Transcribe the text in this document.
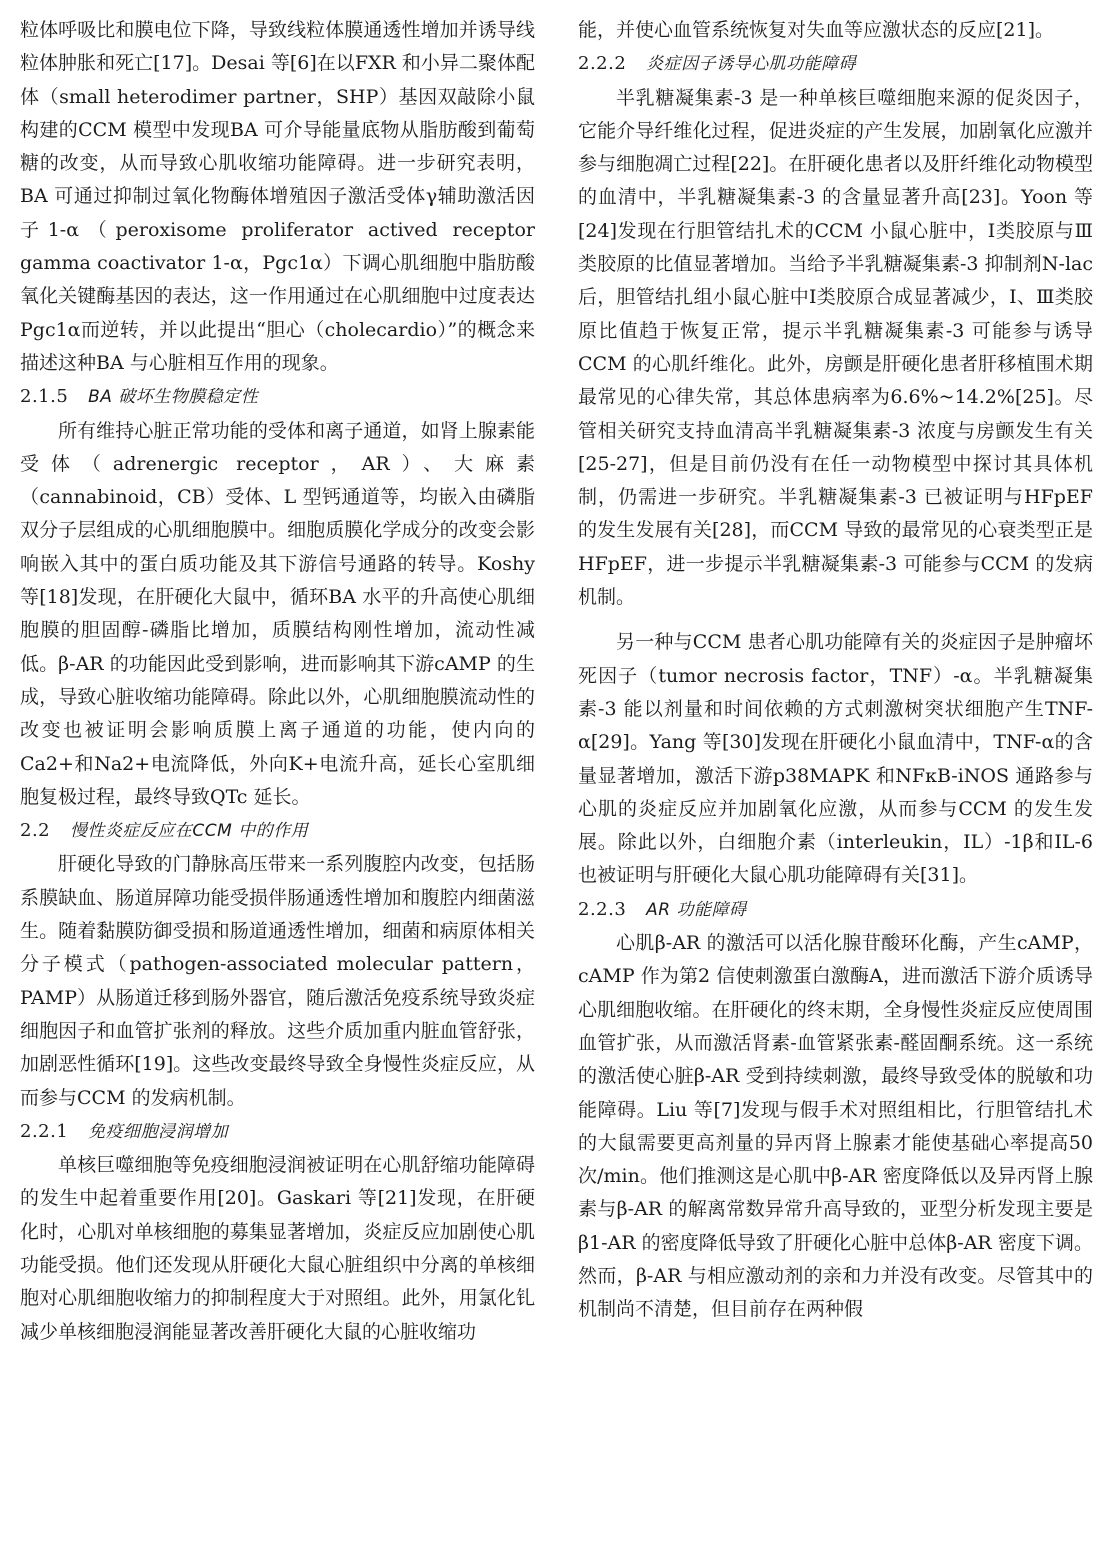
粒体呼吸比和膜电位下降，导致线粒体膜通透性增加并诱导线粒体肿胀和死亡[17]。Desai 等[6]在以FXR 和小异二聚体配体（small heterodimer partner，SHP）基因双敲除小鼠构建的CCM 模型中发现BA 可介导能量底物从脂肪酸到葡萄糖的改变，从而导致心肌收缩功能障碍。进一步研究表明，BA 可通过抑制过氧化物酶体增殖因子激活受体γ辅助激活因子1-α（peroxisome proliferator actived receptor gamma coactivator 1-α，Pgc1α）下调心肌细胞中脂肪酸氧化关键酶基因的表达，这一作用通过在心肌细胞中过度表达Pgc1α而逆转，并以此提出“胆心（cholecardio）”的概念来描述这种BA 与心脏相互作用的现象。

2.1.5 BA 破坏生物膜稳定性

所有维持心脏正常功能的受体和离子通道，如肾上腺素能受体（adrenergic receptor，AR）、大麻素（cannabinoid，CB）受体、L 型钙通道等，均嵌入由磷脂双分子层组成的心肌细胞膜中。细胞质膜化学成分的改变会影响嵌入其中的蛋白质功能及其下游信号通路的转导。Koshy 等[18]发现，在肝硬化大鼠中，循环BA 水平的升高使心肌细胞膜的胆固醇-磷脂比增加，质膜结构刚性增加，流动性减低。β-AR 的功能因此受到影响，进而影响其下游cAMP 的生成，导致心脏收缩功能障碍。除此以外，心肌细胞膜流动性的改变也被证明会影响质膜上离子通道的功能，使内向的Ca2+和Na2+电流降低，外向K+电流升高，延长心室肌细胞复极过程，最终导致QTc 延长。

2.2 慢性炎症反应在CCM 中的作用

肝硬化导致的门静脉高压带来一系列腹腔内改变，包括肠系膜缺血、肠道屏障功能受损伴肠通透性增加和腹腔内细菌滋生。随着黏膜防御受损和肠道通透性增加，细菌和病原体相关分子模式（pathogen-associated molecular pattern，PAMP）从肠道迁移到肠外器官，随后激活免疫系统导致炎症细胞因子和血管扩张剂的释放。这些介质加重内脏血管舒张，加剧恶性循环[19]。这些改变最终导致全身慢性炎症反应，从而参与CCM 的发病机制。

2.2.1 免疫细胞浸润增加

单核巨噬细胞等免疫细胞浸润被证明在心肌舒缩功能障碍的发生中起着重要作用[20]。Gaskari 等[21]发现，在肝硬化时，心肌对单核细胞的募集显著增加，炎症反应加剧使心肌功能受损。他们还发现从肝硬化大鼠心脏组织中分离的单核细胞对心肌细胞收缩力的抑制程度大于对照组。此外，用氯化钆减少单核细胞浸润能显著改善肝硬化大鼠的心脏收缩功

能，并使心血管系统恢复对失血等应激状态的反应[21]。

2.2.2 炎症因子诱导心肌功能障碍

半乳糖凝集素-3 是一种单核巨噬细胞来源的促炎因子，它能介导纤维化过程，促进炎症的产生发展，加剧氧化应激并参与细胞凋亡过程[22]。在肝硬化患者以及肝纤维化动物模型的血清中，半乳糖凝集素-3 的含量显著升高[23]。Yoon 等[24]发现在行胆管结扎术的CCM 小鼠心脏中，Ⅰ类胶原与Ⅲ类胶原的比值显著增加。当给予半乳糖凝集素-3 抑制剂N-lac 后，胆管结扎组小鼠心脏中Ⅰ类胶原合成显著减少，Ⅰ、Ⅲ类胶原比值趋于恢复正常，提示半乳糖凝集素-3 可能参与诱导CCM 的心肌纤维化。此外，房颤是肝硬化患者肝移植围术期最常见的心律失常，其总体患病率为6.6%~14.2%[25]。尽管相关研究支持血清高半乳糖凝集素-3 浓度与房颤发生有关[25-27]，但是目前仍没有在任一动物模型中探讨其具体机制，仍需进一步研究。半乳糖凝集素-3 已被证明与HFpEF 的发生发展有关[28]，而CCM 导致的最常见的心衰类型正是HFpEF，进一步提示半乳糖凝集素-3 可能参与CCM 的发病机制。

另一种与CCM 患者心肌功能障有关的炎症因子是肿瘤坏死因子（tumor necrosis factor，TNF）-α。半乳糖凝集素-3 能以剂量和时间依赖的方式刺激树突状细胞产生TNF-α[29]。Yang 等[30]发现在肝硬化小鼠血清中，TNF-α的含量显著增加，激活下游p38MAPK 和NFκB-iNOS 通路参与心肌的炎症反应并加剧氧化应激，从而参与CCM 的发生发展。除此以外，白细胞介素（interleukin，IL）-1β和IL-6 也被证明与肝硬化大鼠心肌功能障碍有关[31]。

2.2.3 AR 功能障碍

心肌β-AR 的激活可以活化腺苷酸环化酶，产生cAMP，cAMP 作为第2 信使刺激蛋白激酶A，进而激活下游介质诱导心肌细胞收缩。在肝硬化的终末期，全身慢性炎症反应使周围血管扩张，从而激活肾素-血管紧张素-醛固酮系统。这一系统的激活使心脏β-AR 受到持续刺激，最终导致受体的脱敏和功能障碍。Liu 等[7]发现与假手术对照组相比，行胆管结扎术的大鼠需要更高剂量的异丙肾上腺素才能使基础心率提高50 次/min。他们推测这是心肌中β-AR 密度降低以及异丙肾上腺素与β-AR 的解离常数异常升高导致的，亚型分析发现主要是β1-AR 的密度降低导致了肝硬化心脏中总体β-AR 密度下调。然而，β-AR 与相应激动剂的亲和力并没有改变。尽管其中的机制尚不清楚，但目前存在两种假
